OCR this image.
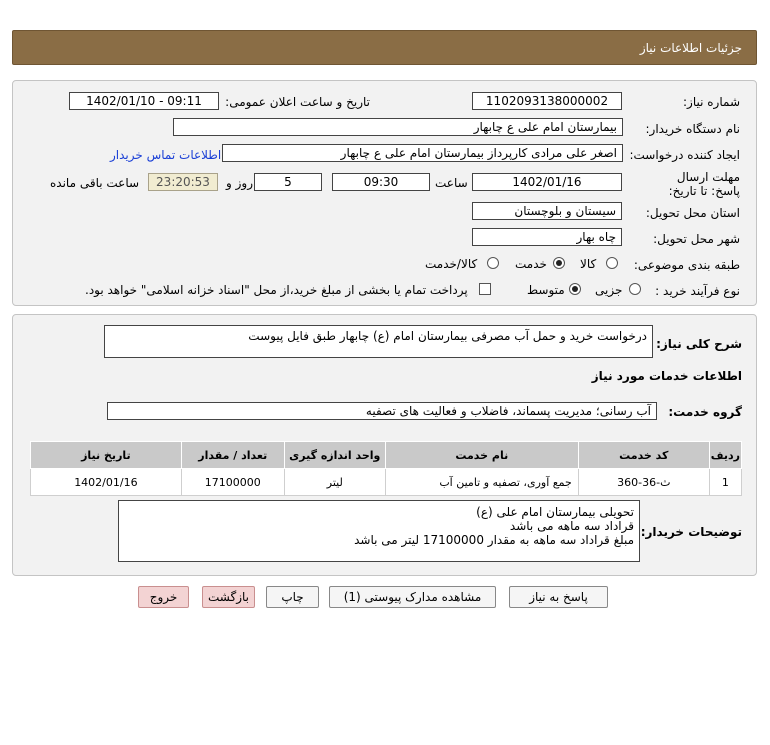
جزئیات اطلاعات نیاز
شماره نیاز:
1102093138000002
تاریخ و ساعت اعلان عمومی:
1402/01/10 - 09:11
نام دستگاه خریدار:
بیمارستان امام علی ع چابهار
ایجاد کننده درخواست:
اصغر علی مرادی کارپرداز بیمارستان امام علی ع چابهار
اطلاعات تماس خریدار
مهلت ارسال پاسخ: تا تاریخ:
1402/01/16
ساعت
09:30
5
روز و
23:20:53
ساعت باقی مانده
استان محل تحویل:
سیستان و بلوچستان
شهر محل تحویل:
چاه بهار
طبقه بندی موضوعی:
کالا
خدمت
کالا/خدمت
نوع فرآیند خرید :
جزیی
متوسط
پرداخت تمام یا بخشی از مبلغ خرید،از محل "اسناد خزانه اسلامی" خواهد بود.
شرح کلی نیاز:
درخواست خرید و حمل آب مصرفی بیمارستان امام (ع) چابهار طبق فایل پیوست
اطلاعات خدمات مورد نیاز
گروه خدمت:
آب رسانی؛ مدیریت پسماند، فاضلاب و فعالیت های تصفیه
ردیف	کد خدمت	نام خدمت	واحد اندازه گیری	تعداد / مقدار	تاریخ نیاز
1	ث-36-360	جمع آوری، تصفیه و تامین آب	لیتر	17100000	1402/01/16
توضیحات خریدار:
تحویلی بیمارستان امام علی (ع)
قراداد سه ماهه می باشد
مبلغ قراداد سه ماهه به مقدار 17100000 لیتر می باشد
پاسخ به نیاز
مشاهده مدارک پیوستی (1)
چاپ
بازگشت
خروج
